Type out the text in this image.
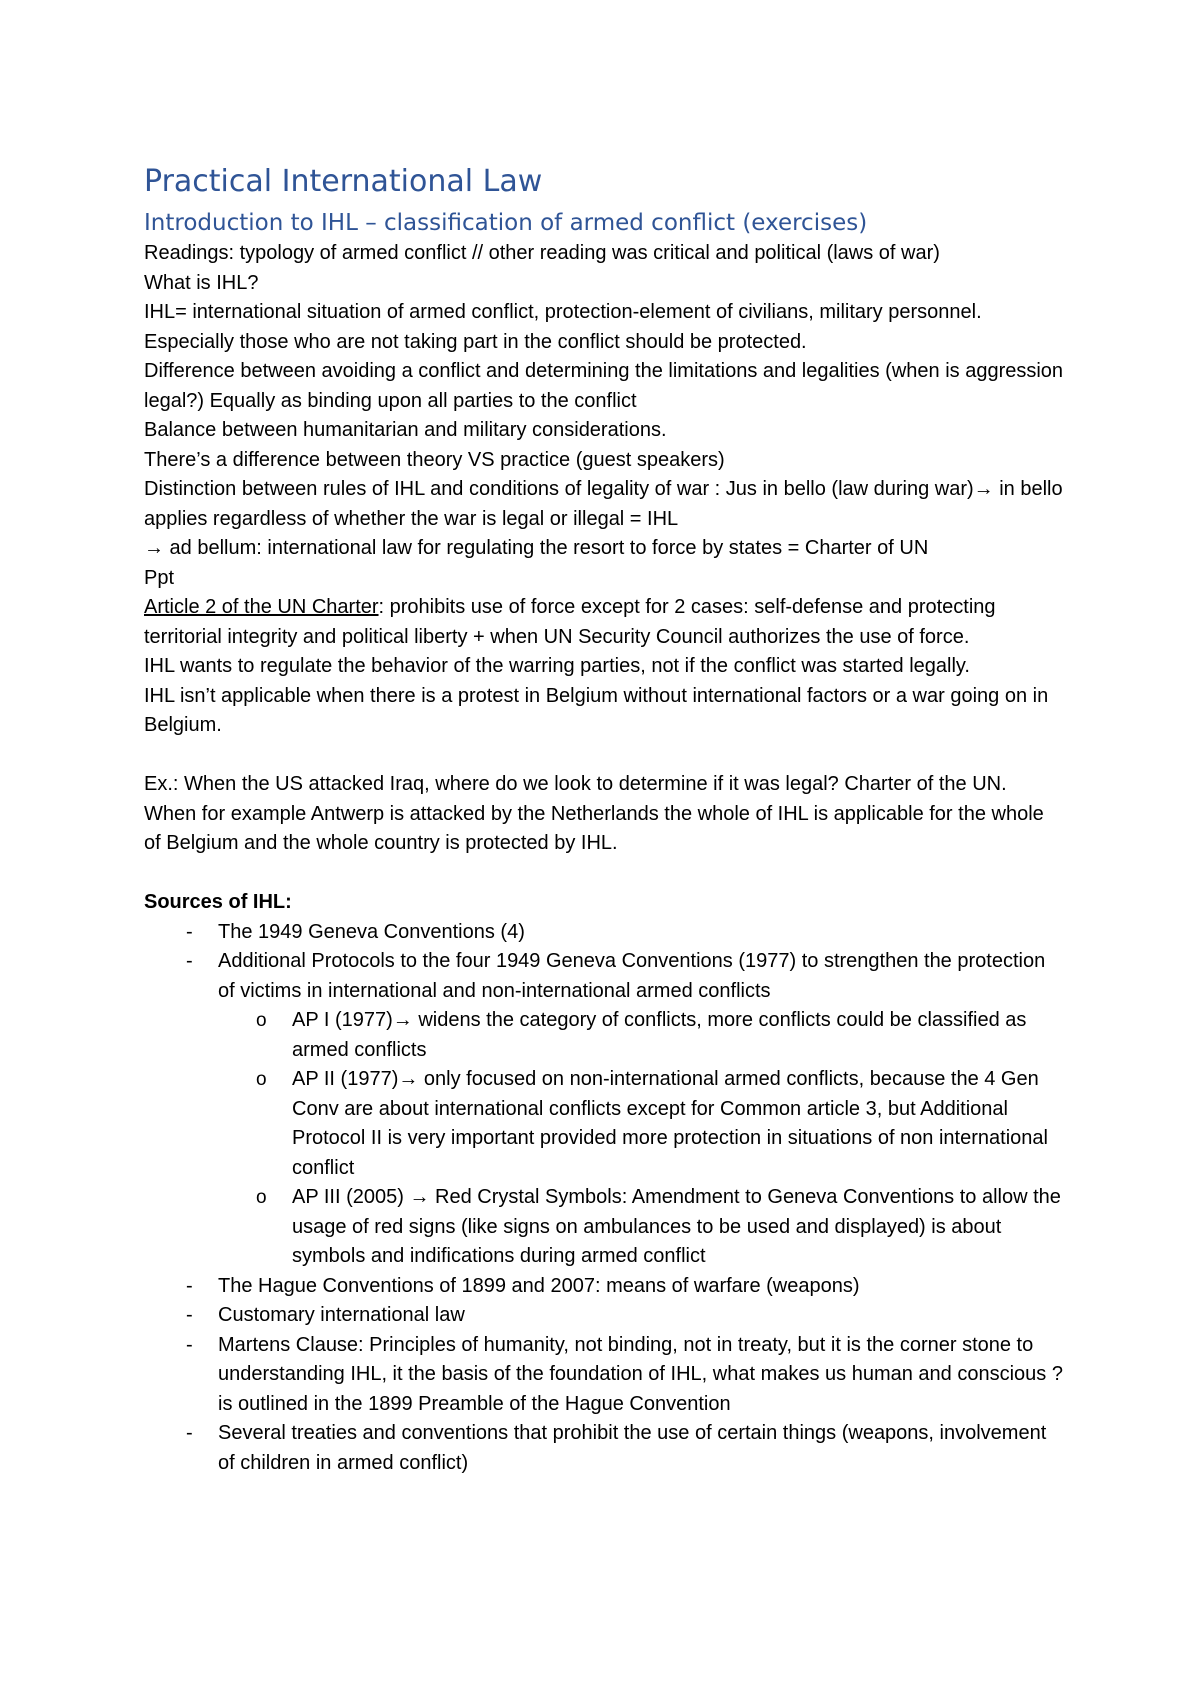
Practical International Law
Introduction to IHL – classification of armed conflict (exercises)

Readings: typology of armed conflict // other reading was critical and political (laws of war)

What is IHL?

IHL= international situation of armed conflict, protection-element of civilians, military personnel. Especially those who are not taking part in the conflict should be protected.

Difference between avoiding a conflict and determining the limitations and legalities (when is aggression legal?) Equally as binding upon all parties to the conflict

Balance between humanitarian and military considerations.

There’s a difference between theory VS practice (guest speakers)

Distinction between rules of IHL and conditions of legality of war : Jus in bello (law during war)→ in bello applies regardless of whether the war is legal or illegal = IHL

→ ad bellum: international law for regulating the resort to force by states = Charter of UN

Ppt

Article 2 of the UN Charter: prohibits use of force except for 2 cases: self-defense and protecting territorial integrity and political liberty + when UN Security Council authorizes the use of force.

IHL wants to regulate the behavior of the warring parties, not if the conflict was started legally.

IHL isn’t applicable when there is a protest in Belgium without international factors or a war going on in Belgium.

Ex.: When the US attacked Iraq, where do we look to determine if it was legal? Charter of the UN. When for example Antwerp is attacked by the Netherlands the whole of IHL is applicable for the whole of Belgium and the whole country is protected by IHL.

Sources of IHL:

- The 1949 Geneva Conventions (4)
- Additional Protocols to the four 1949 Geneva Conventions (1977) to strengthen the protection of victims in international and non-international armed conflicts
o AP I (1977)→ widens the category of conflicts, more conflicts could be classified as armed conflicts
o AP II (1977)→ only focused on non-international armed conflicts, because the 4 Gen Conv are about international conflicts except for Common article 3, but Additional Protocol II is very important provided more protection in situations of non international conflict
o AP III (2005) → Red Crystal Symbols: Amendment to Geneva Conventions to allow the usage of red signs (like signs on ambulances to be used and displayed) is about symbols and indifications during armed conflict
- The Hague Conventions of 1899 and 2007: means of warfare (weapons)
- Customary international law
- Martens Clause: Principles of humanity, not binding, not in treaty, but it is the corner stone to understanding IHL, it the basis of the foundation of IHL, what makes us human and conscious ? is outlined in the 1899 Preamble of the Hague Convention
- Several treaties and conventions that prohibit the use of certain things (weapons, involvement of children in armed conflict)
